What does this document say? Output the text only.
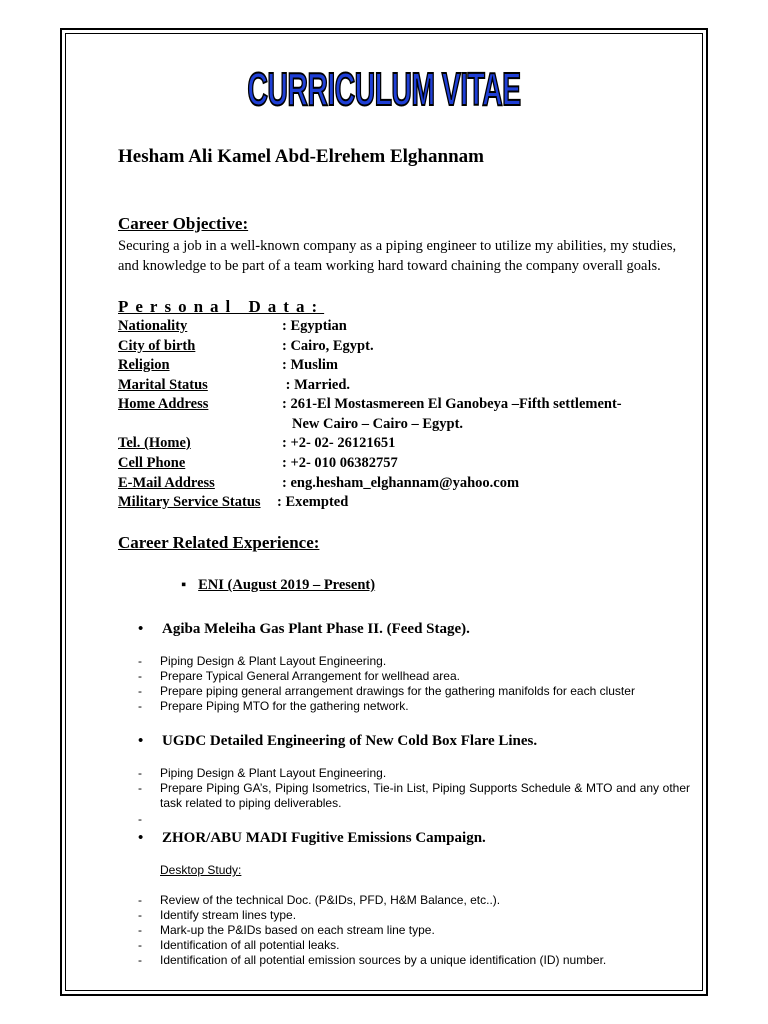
CURRICULUM VITAE
Hesham Ali Kamel Abd-Elrehem Elghannam
Career Objective:
Securing a job in a well-known company as a piping engineer to utilize my abilities, my studies, and knowledge to be part of a team working hard toward chaining the company overall goals.
Personal Data:
Nationality	: Egyptian
City of birth	: Cairo, Egypt.
Religion	: Muslim
Marital Status	: Married.
Home Address	: 261-El Mostasmereen El Ganobeya –Fifth settlement-
New Cairo – Cairo – Egypt.
Tel. (Home)	: +2- 02- 26121651
Cell Phone	: +2- 010 06382757
E-Mail Address	: eng.hesham_elghannam@yahoo.com
Military Service Status : Exempted
Career Related Experience:
▪ ENI (August 2019 – Present)
• Agiba Meleiha Gas Plant Phase II. (Feed Stage).
- Piping Design & Plant Layout Engineering.
- Prepare Typical General Arrangement for wellhead area.
- Prepare piping general arrangement drawings for the gathering manifolds for each cluster
- Prepare Piping MTO for the gathering network.
• UGDC Detailed Engineering of New Cold Box Flare Lines.
- Piping Design & Plant Layout Engineering.
- Prepare Piping GA’s, Piping Isometrics, Tie-in List, Piping Supports Schedule & MTO and any other task related to piping deliverables.
-
• ZHOR/ABU MADI Fugitive Emissions Campaign.
Desktop Study:
- Review of the technical Doc. (P&IDs, PFD, H&M Balance, etc..).
- Identify stream lines type.
- Mark-up the P&IDs based on each stream line type.
- Identification of all potential leaks.
- Identification of all potential emission sources by a unique identification (ID) number.
